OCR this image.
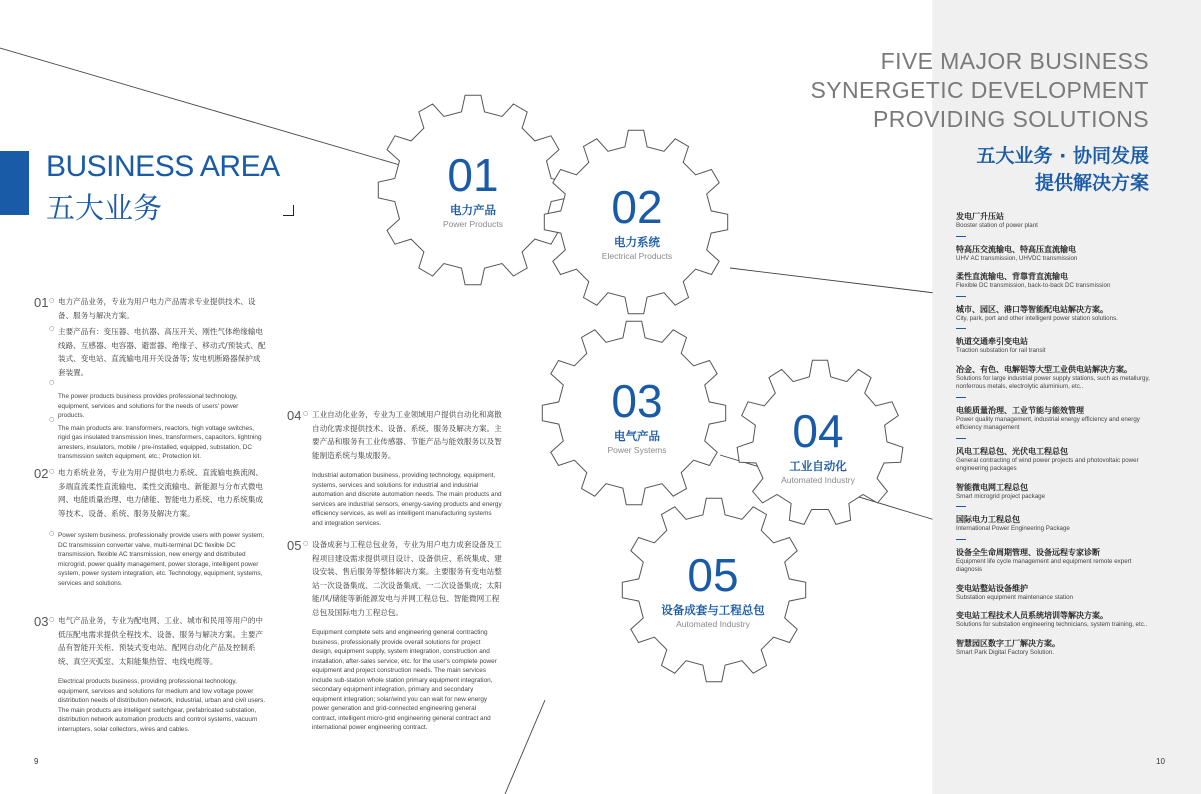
BUSINESS AREA
五大业务
01
电力产品
Power Products	02
电力系统
Electrical Products
03
电气产品
Power Systems	04
工业自动化
Automated Industry
05
设备成套与工程总包
Automated Industry
01 电力产品业务，专业为用户电力产品需求专业提供技术、设备、服务与解决方案。
主要产品有：变压器、电抗器、高压开关、刚性气体绝缘输电线路、互感器、电容器、避雷器、绝缘子、移动式/预装式、配装式、变电站、直流输电用开关设备等; 发电机断路器保护成套装置。
The power products business provides professional technology, equipment, services and solutions for the needs of users' power products.
The main products are: transformers, reactors, high voltage switches, rigid gas insulated transmission lines, transformers, capacitors, lightning arresters, insulators, mobile / pre-installed, equipped, substation, DC transmission switch equipment, etc.; Protection kit.
○
○
○
○
02 ○
○
电力系统业务，专业为用户提供电力系统、直流输电换流阀、多端直流柔性直流输电、柔性交流输电、新能源与分布式微电网、电能质量治理、电力储能、智能电力系统、电力系统集成等技术、设备、系统、服务及解决方案。
Power system business, professionally provide users with power system, DC transmission converter valve, multi-terminal DC flexible DC transmission, flexible AC transmission, new energy and distributed microgrid, power quality management, power storage, intelligent power system, power system integration, etc. Technology, equipment, systems, services and solutions.
03 ○ 电气产品业务，专业为配电网、工业、城市和民用等用户的中低压配电需求提供全程技术、设备、服务与解决方案。主要产品有智能开关柜、预装式变电站、配网自动化产品及控制系统、真空灭弧室、太阳能集热管、电线电缆等。
Electrical products business, providing professional technology, equipment, services and solutions for medium and low voltage power distribution needs of distribution network, industrial, urban and civil users. The main products are intelligent switchgear, prefabricated substation, distribution network automation products and control systems, vacuum interrupters, solar collectors, wires and cables.
04 ○ 工业自动化业务，专业为工业领域用户提供自动化和离散自动化需求提供技术、设备、系统、服务及解决方案。主要产品和服务有工业传感器、节能产品与能效服务以及智能制造系统与集成服务。
Industrial automation business, providing technology, equipment, systems, services and solutions for industrial and industrial automation and discrete automation needs. The main products and services are industrial sensors, energy-saving products and energy efficiency services, as well as intelligent manufacturing systems and integration services.
05 ○ 设备成套与工程总包业务，专业为用户电力成套设备及工程项目建设需求提供项目设计、设备供应、系统集成、建设安装、售后服务等整体解决方案。主要服务有变电站整站一次设备集成、二次设备集成、一二次设备集成；太阳能/风/储能等新能源发电与并网工程总包、智能微网工程总包及国际电力工程总包。
Equipment complete sets and engineering general contracting business, professionally provide overall solutions for project design, equipment supply, system integration, construction and installation, after-sales service, etc. for the user's complete power equipment and project construction needs. The main services include sub-station whole station primary equipment integration, secondary equipment integration, primary and secondary equipment integration; solar/wind you can wait for new energy power generation and grid-connected engineering general contract, intelligent micro-grid engineering general contract and international power engineering contract.
FIVE MAJOR BUSINESS
SYNERGETIC DEVELOPMENT
PROVIDING SOLUTIONS
五大业务 · 协同发展
提供解决方案
发电厂升压站
Booster station of power plant
特高压交流输电、特高压直流输电
UHV AC transmission, UHVDC transmission
柔性直流输电、背靠背直流输电
Flexible DC transmission, back-to-back DC transmission
城市、园区、港口等智能配电站解决方案。
City, park, port and other intelligent power station solutions.
轨道交通牵引变电站
Traction substation for rail transit
冶金、有色、电解铝等大型工业供电站解决方案。
Solutions for large industrial power supply stations, such as metallurgy, nonferrous metals, electrolytic aluminium, etc..
电能质量治理、工业节能与能效管理
Power quality management, industrial energy efficiency and energy efficiency management
风电工程总包、光伏电工程总包
General contracting of wind power projects and photovoltaic power engineering packages
智能微电网工程总包
Smart microgrid project package
国际电力工程总包
International Power Engineering Package
设备全生命周期管理、设备远程专家诊断
Equipment life cycle management and equipment remote expert diagnosis
变电站整站设备维护
Substation equipment maintenance station
变电站工程技术人员系统培训等解决方案。
Solutions for substation engineering technicians, system training, etc..
智慧园区数字工厂解决方案。
Smart Park Digital Factory Solution.
9	10
